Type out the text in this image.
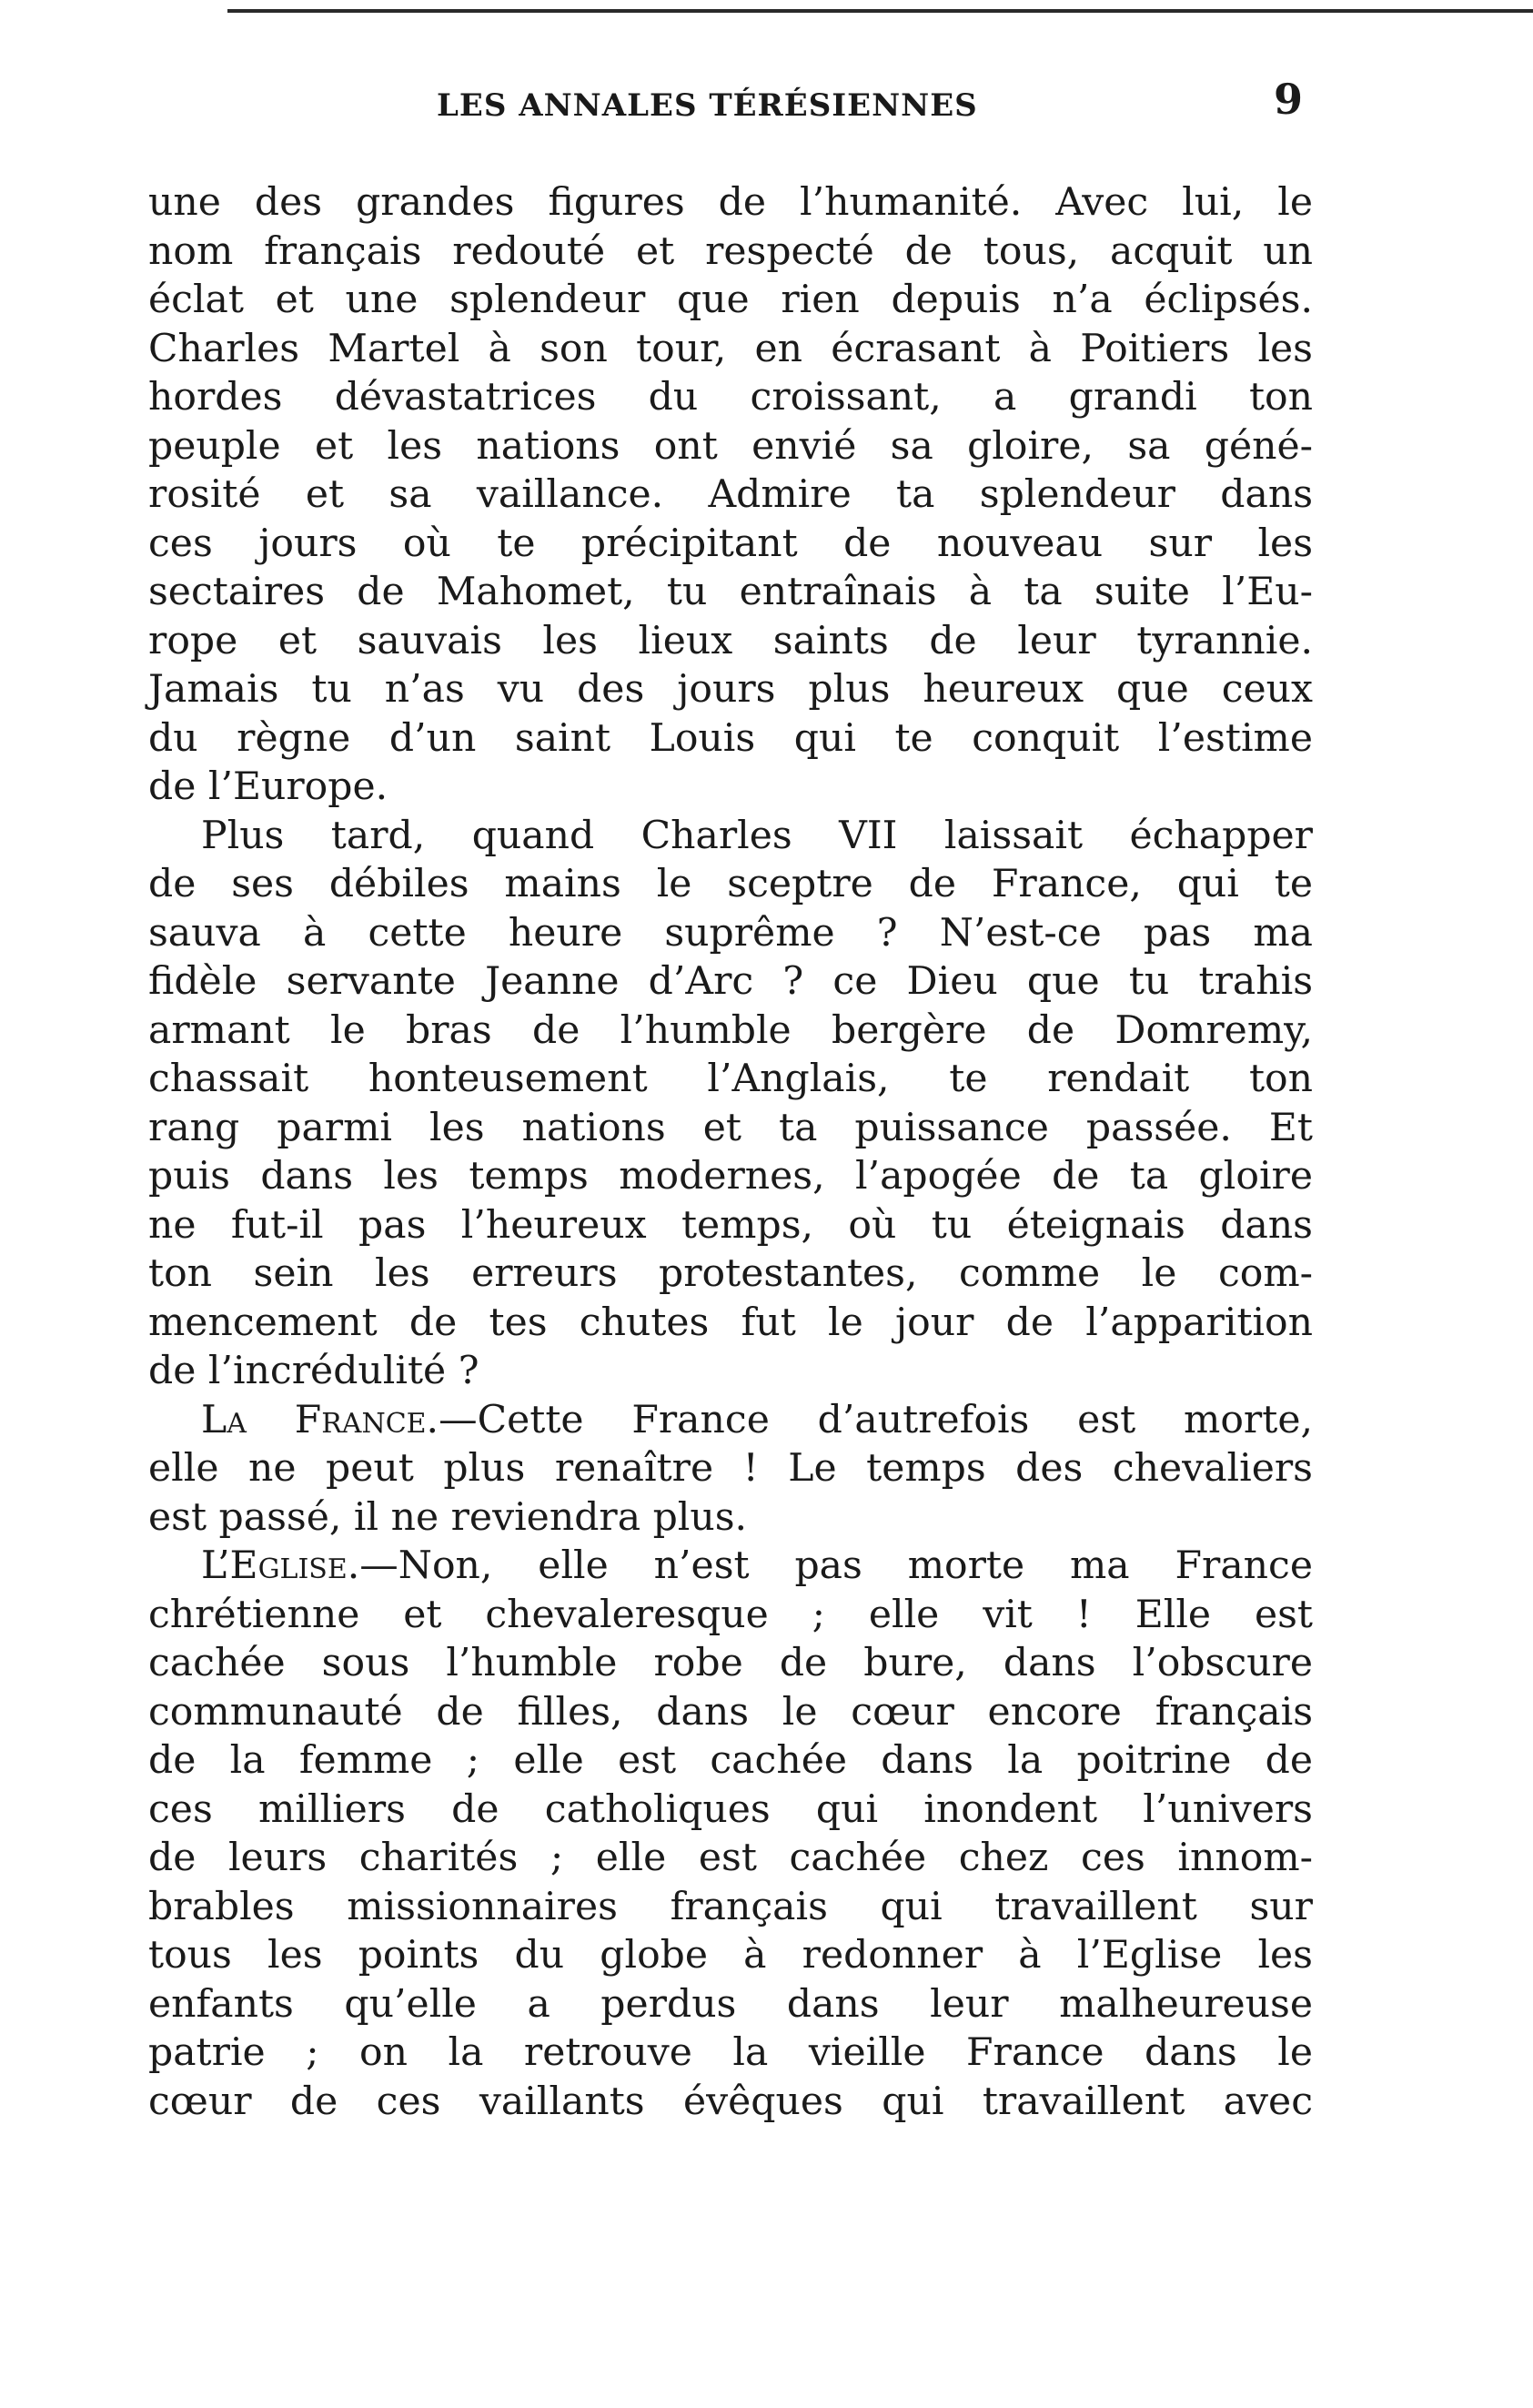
LES ANNALES TÉRÉSIENNES	9
une des grandes figures de l’humanité. Avec lui, le
nom français redouté et respecté de tous, acquit un
éclat et une splendeur que rien depuis n’a éclipsés.
Charles Martel à son tour, en écrasant à Poitiers les
hordes dévastatrices du croissant, a grandi ton
peuple et les nations ont envié sa gloire, sa géné-
rosité et sa vaillance. Admire ta splendeur dans
ces jours où te précipitant de nouveau sur les
sectaires de Mahomet, tu entraînais à ta suite l’Eu-
rope et sauvais les lieux saints de leur tyrannie.
Jamais tu n’as vu des jours plus heureux que ceux
du règne d’un saint Louis qui te conquit l’estime
de l’Europe.
Plus tard, quand Charles VII laissait échapper
de ses débiles mains le sceptre de France, qui te
sauva à cette heure suprême ? N’est-ce pas ma
fidèle servante Jeanne d’Arc ? ce Dieu que tu trahis
armant le bras de l’humble bergère de Domremy,
chassait honteusement l’Anglais, te rendait ton
rang parmi les nations et ta puissance passée. Et
puis dans les temps modernes, l’apogée de ta gloire
ne fut-il pas l’heureux temps, où tu éteignais dans
ton sein les erreurs protestantes, comme le com-
mencement de tes chutes fut le jour de l’apparition
de l’incrédulité ?
La France.—Cette France d’autrefois est morte,
elle ne peut plus renaître ! Le temps des chevaliers
est passé, il ne reviendra plus.
L’Eglise.—Non, elle n’est pas morte ma France
chrétienne et chevaleresque ; elle vit ! Elle est
cachée sous l’humble robe de bure, dans l’obscure
communauté de filles, dans le cœur encore français
de la femme ; elle est cachée dans la poitrine de
ces milliers de catholiques qui inondent l’univers
de leurs charités ; elle est cachée chez ces innom-
brables missionnaires français qui travaillent sur
tous les points du globe à redonner à l’Eglise les
enfants qu’elle a perdus dans leur malheureuse
patrie ; on la retrouve la vieille France dans le
cœur de ces vaillants évêques qui travaillent avec
